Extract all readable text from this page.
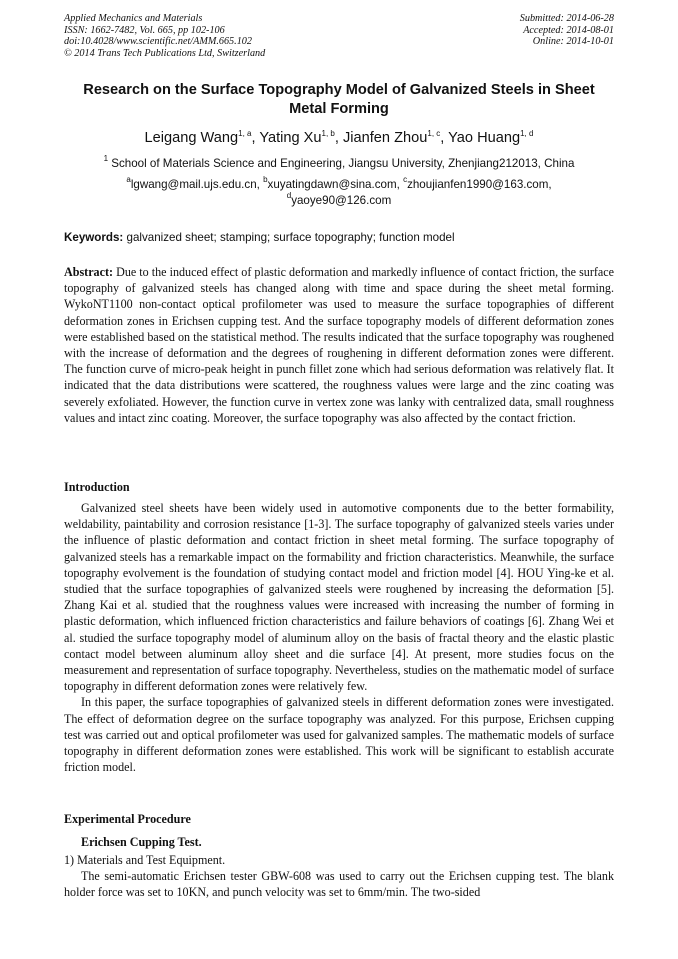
Applied Mechanics and Materials
ISSN: 1662-7482, Vol. 665, pp 102-106
doi:10.4028/www.scientific.net/AMM.665.102
© 2014 Trans Tech Publications Ltd, Switzerland
Submitted: 2014-06-28
Accepted: 2014-08-01
Online: 2014-10-01
Research on the Surface Topography Model of Galvanized Steels in Sheet Metal Forming
Leigang Wang$^{1, a}$, Yating Xu$^{1, b}$, Jianfen Zhou$^{1, c}$, Yao Huang$^{1, d}$
$^1$ School of Materials Science and Engineering, Jiangsu University, Zhenjiang212013, China
$^a$lgwang@mail.ujs.edu.cn, $^b$xuyatingdawn@sina.com, $^c$zhoujianfen1990@163.com,
$^d$yaoye90@126.com
Keywords: galvanized sheet; stamping; surface topography; function model
Abstract: Due to the induced effect of plastic deformation and markedly influence of contact friction, the surface topography of galvanized steels has changed along with time and space during the sheet metal forming. WykoNT1100 non-contact optical profilometer was used to measure the surface topographies of different deformation zones in Erichsen cupping test. And the surface topography models of different deformation zones were established based on the statistical method. The results indicated that the surface topography was roughened with the increase of deformation and the degrees of roughening in different deformation zones were different. The function curve of micro-peak height in punch fillet zone which had serious deformation was relatively flat. It indicated that the data distributions were scattered, the roughness values were large and the zinc coating was severely exfoliated. However, the function curve in vertex zone was lanky with centralized data, small roughness values and intact zinc coating. Moreover, the surface topography was also affected by the contact friction.
Introduction

Galvanized steel sheets have been widely used in automotive components due to the better formability, weldability, paintability and corrosion resistance [1-3]. The surface topography of galvanized steels varies under the influence of plastic deformation and contact friction in sheet metal forming. The surface topography of galvanized steels has a remarkable impact on the formability and friction characteristics. Meanwhile, the surface topography evolvement is the foundation of studying contact model and friction model [4]. HOU Ying-ke et al. studied that the surface topographies of galvanized steels were roughened by increasing the deformation [5]. Zhang Kai et al. studied that the roughness values were increased with increasing the number of forming in plastic deformation, which influenced friction characteristics and failure behaviors of coatings [6]. Zhang Wei et al. studied the surface topography model of aluminum alloy on the basis of fractal theory and the elastic plastic contact model between aluminum alloy sheet and die surface [4]. At present, more studies focus on the measurement and representation of surface topography. Nevertheless, studies on the mathematic model of surface topography in different deformation zones were relatively few.

In this paper, the surface topographies of galvanized steels in different deformation zones were investigated. The effect of deformation degree on the surface topography was analyzed. For this purpose, Erichsen cupping test was carried out and optical profilometer was used for galvanized samples. The mathematic models of surface topography in different deformation zones were established. This work will be significant to establish accurate friction model.

Experimental Procedure
Erichsen Cupping Test.
1) Materials and Test Equipment.

The semi-automatic Erichsen tester GBW-608 was used to carry out the Erichsen cupping test. The blank holder force was set to 10KN, and punch velocity was set to 6mm/min. The two-sided
